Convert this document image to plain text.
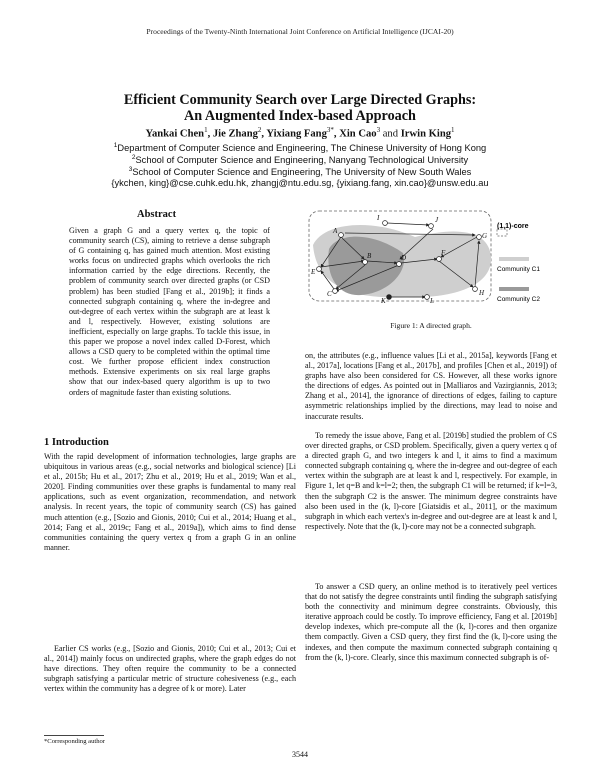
Proceedings of the Twenty-Ninth International Joint Conference on Artificial Intelligence (IJCAI-20)
Efficient Community Search over Large Directed Graphs:
An Augmented Index-based Approach
Yankai Chen$^1$, Jie Zhang$^2$, Yixiang Fang$^{3*}$, Xin Cao$^3$ and Irwin King$^1$
$^1$Department of Computer Science and Engineering, The Chinese University of Hong Kong
$^2$School of Computer Science and Engineering, Nanyang Technological University
$^3$School of Computer Science and Engineering, The University of New South Wales
{ykchen, king}@cse.cuhk.edu.hk, zhangj@ntu.edu.sg, {yixiang.fang, xin.cao}@unsw.edu.au
Abstract
Given a graph G and a query vertex q, the topic of community search (CS), aiming to retrieve a dense subgraph of G containing q, has gained much attention. Most existing works focus on undirected graphs which overlooks the rich information carried by the edge directions. Recently, the problem of community search over directed graphs (or CSD problem) has been studied [Fang et al., 2019b]; it finds a connected subgraph containing q, where the in-degree and out-degree of each vertex within the subgraph are at least k and l, respectively. However, existing solutions are inefficient, especially on large graphs. To tackle this issue, in this paper we propose a novel index called D-Forest, which allows a CSD query to be completed within the optimal time cost. We further propose efficient index construction methods. Extensive experiments on six real large graphs show that our index-based query algorithm is up to two orders of magnitude faster than existing solutions.
1 Introduction
With the rapid development of information technologies, large graphs are ubiquitous in various areas (e.g., social networks and biological science) [Li et al., 2015b; Hu et al., 2017; Zhu et al., 2019; Hu et al., 2019; Wan et al., 2020]. Finding communities over these graphs is fundamental to many real applications, such as event organization, recommendation, and network analysis. In recent years, the topic of community search (CS) has gained much attention (e.g., [Sozio and Gionis, 2010; Cui et al., 2014; Huang et al., 2014; Fang et al., 2019c; Fang et al., 2019a]), which aims to find dense communities containing the query vertex q from a graph G in an online manner.
Earlier CS works (e.g., [Sozio and Gionis, 2010; Cui et al., 2013; Cui et al., 2014]) mainly focus on undirected graphs, where the graph edges do not have directions. They often require the community to be a connected subgraph satisfying a particular metric of structure cohesiveness (e.g., each vertex within the community has a degree of k or more). Later
*Corresponding author
I	J
A
B	D
F
G
E
C	H
K	L
(1,1)-core
Community C1
Community C2
Figure 1: A directed graph.
on, the attributes (e.g., influence values [Li et al., 2015a], keywords [Fang et al., 2017a], locations [Fang et al., 2017b], and profiles [Chen et al., 2019]) of graphs have also been considered for CS. However, all these works ignore the directions of edges. As pointed out in [Malliaros and Vazirgiannis, 2013; Zhang et al., 2014], the ignorance of directions of edges, failing to capture asymmetric relationships implied by the directions, may lead to noise and inaccurate results.
To remedy the issue above, Fang et al. [2019b] studied the problem of CS over directed graphs, or CSD problem. Specifically, given a query vertex q of a directed graph G, and two integers k and l, it aims to find a maximum connected subgraph containing q, where the in-degree and out-degree of each vertex within the subgraph are at least k and l, respectively. For example, in Figure 1, let q=B and k=l=2; then, the subgraph C1 will be returned; if k=l=3, then the subgraph C2 is the answer. The minimum degree constraints have also been used in the (k, l)-core [Giatsidis et al., 2011], or the maximum subgraph in which each vertex's in-degree and out-degree are at least k and l, respectively. Note that the (k, l)-core may not be a connected subgraph.
To answer a CSD query, an online method is to iteratively peel vertices that do not satisfy the degree constraints until finding the subgraph satisfying both the connectivity and minimum degree constraints. Obviously, this iterative approach could be costly. To improve efficiency, Fang et al. [2019b] develop indexes, which pre-compute all the (k, l)-cores and then organize them compactly. Given a CSD query, they first find the (k, l)-core using the indexes, and then compute the maximum connected subgraph containing q from the (k, l)-core. Clearly, since this maximum connected subgraph is of-
3544
